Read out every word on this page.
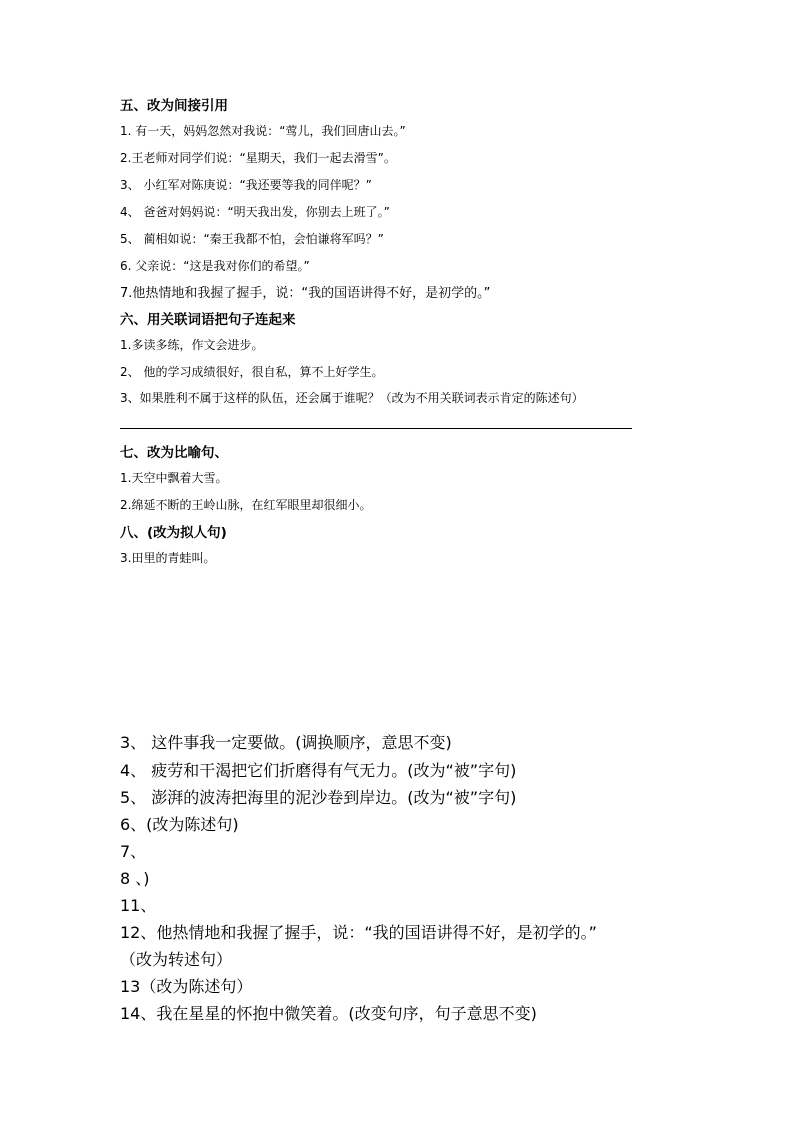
五、改为间接引用
1. 有一天，妈妈忽然对我说：“莺儿，我们回唐山去。”
2.王老师对同学们说：“星期天，我们一起去滑雪”。
3、 小红军对陈庚说：“我还要等我的同伴呢？”
4、 爸爸对妈妈说：“明天我出发，你别去上班了。”
5、 蔺相如说：“秦王我都不怕，会怕谦将军吗？”
6. 父亲说：“这是我对你们的希望。”
7.他热情地和我握了握手，说：“我的国语讲得不好，是初学的。”
六、用关联词语把句子连起来
1.多读多练，作文会进步。
2、 他的学习成绩很好，很自私，算不上好学生。
3、如果胜利不属于这样的队伍，还会属于谁呢？（改为不用关联词表示肯定的陈述句）
七、改为比喻句、
1.天空中飘着大雪。
2.绵延不断的王岭山脉，在红军眼里却很细小。
八、(改为拟人句)
3.田里的青蛙叫。
3、 这件事我一定要做。(调换顺序，意思不变)
4、 疲劳和干渴把它们折磨得有气无力。(改为“被”字句)
5、 澎湃的波涛把海里的泥沙卷到岸边。(改为“被”字句)
6、(改为陈述句)
7、
8 、)
11、
12、他热情地和我握了握手，说：“我的国语讲得不好，是初学的。”
（改为转述句）
13（改为陈述句）
14、我在星星的怀抱中微笑着。(改变句序，句子意思不变)
